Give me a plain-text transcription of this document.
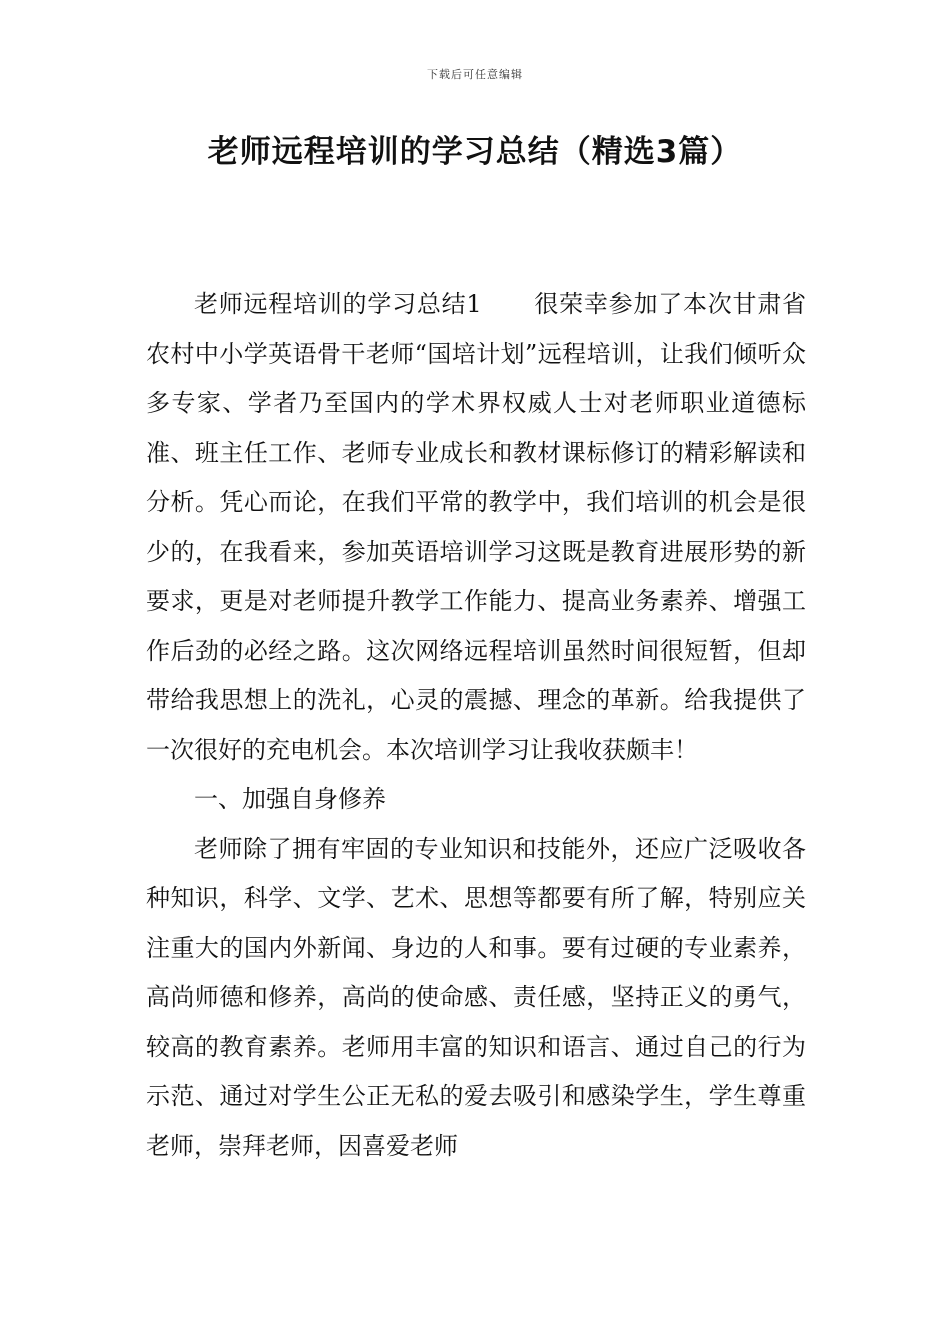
下载后可任意编辑
老师远程培训的学习总结（精选3篇）

老师远程培训的学习总结1 很荣幸参加了本次甘肃省农村中小学英语骨干老师“国培计划”远程培训，让我们倾听众多专家、学者乃至国内的学术界权威人士对老师职业道德标准、班主任工作、老师专业成长和教材课标修订的精彩解读和分析。凭心而论，在我们平常的教学中，我们培训的机会是很少的，在我看来，参加英语培训学习这既是教育进展形势的新要求，更是对老师提升教学工作能力、提高业务素养、增强工作后劲的必经之路。这次网络远程培训虽然时间很短暂，但却带给我思想上的洗礼，心灵的震撼、理念的革新。给我提供了一次很好的充电机会。本次培训学习让我收获颇丰！

一、加强自身修养

老师除了拥有牢固的专业知识和技能外，还应广泛吸收各种知识，科学、文学、艺术、思想等都要有所了解，特别应关注重大的国内外新闻、身边的人和事。要有过硬的专业素养，高尚师德和修养，高尚的使命感、责任感，坚持正义的勇气，较高的教育素养。老师用丰富的知识和语言、通过自己的行为示范、通过对学生公正无私的爱去吸引和感染学生，学生尊重老师，崇拜老师，因喜爱老师
